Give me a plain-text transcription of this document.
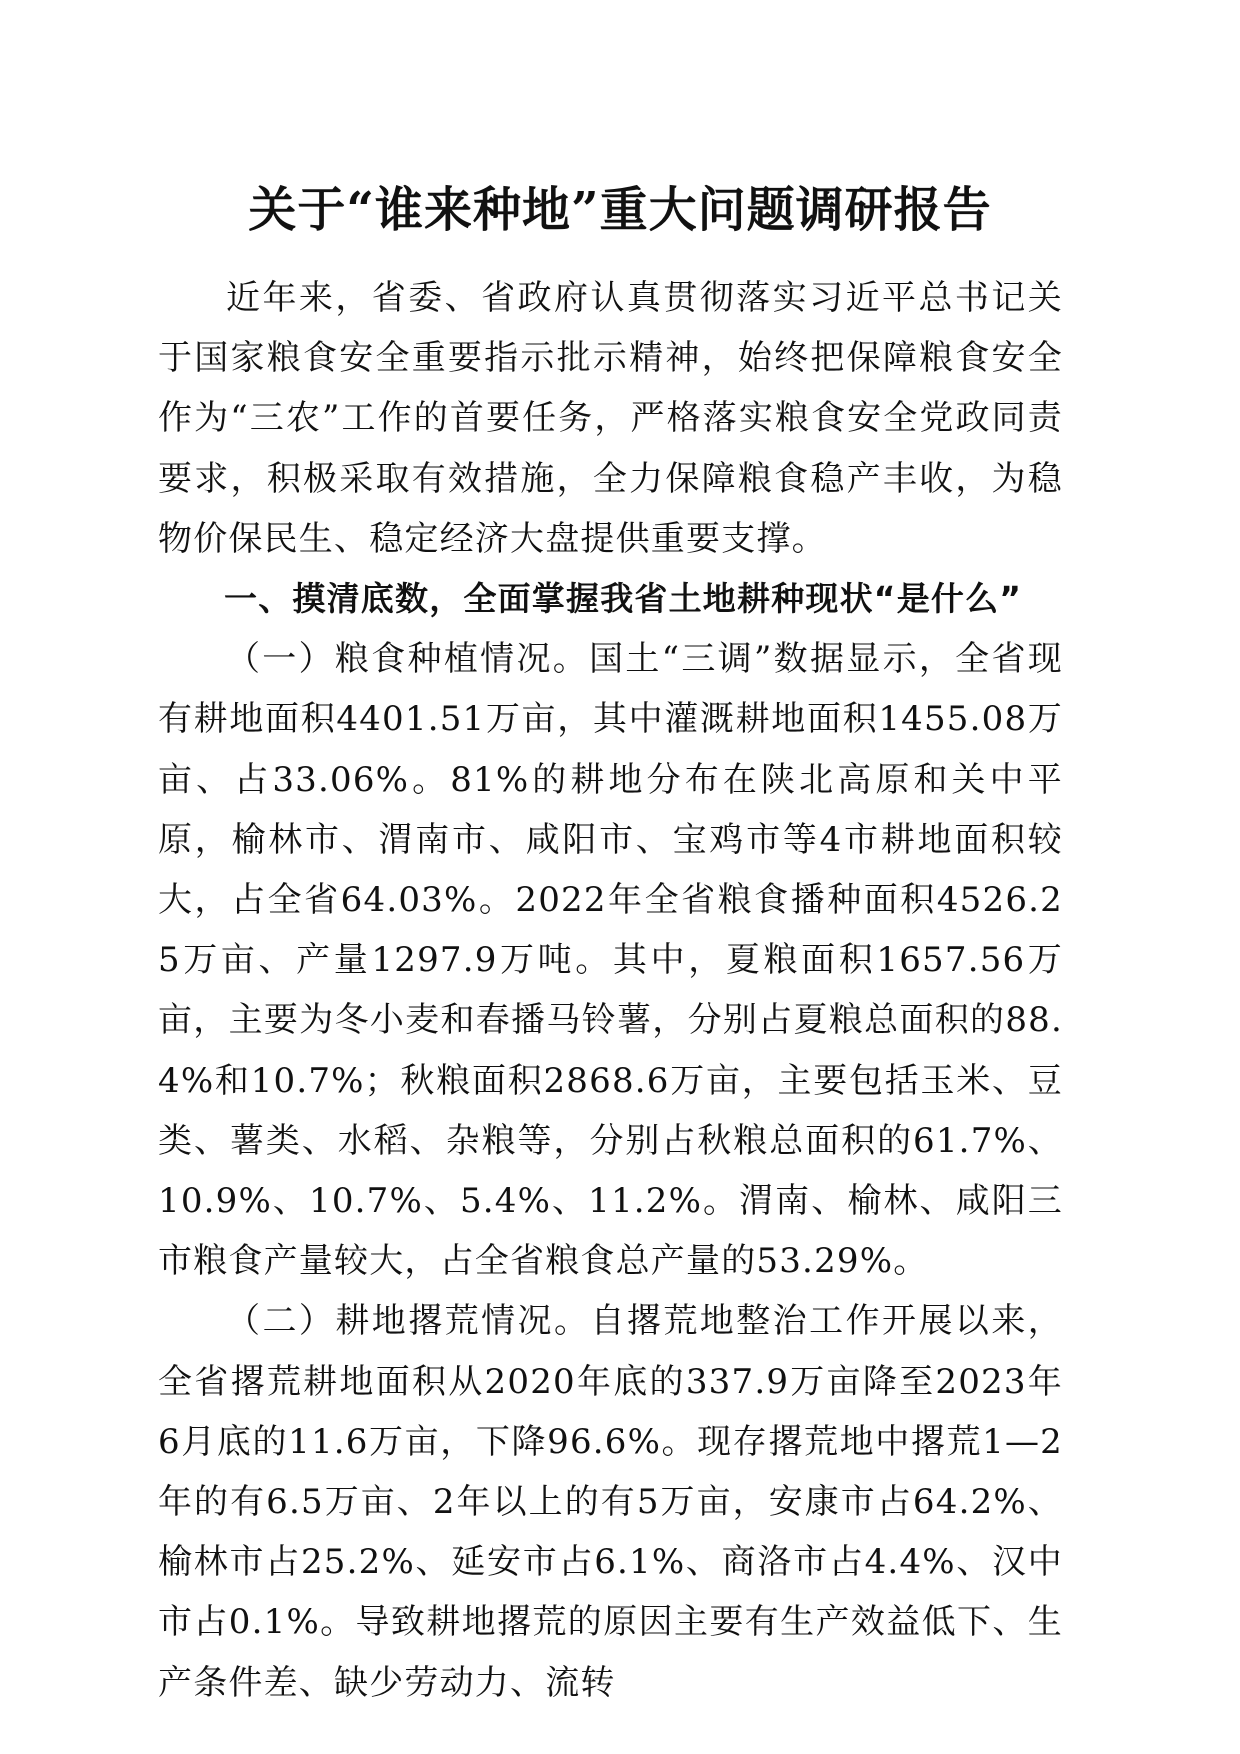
关于“谁来种地”重大问题调研报告

近年来，省委、省政府认真贯彻落实习近平总书记关于国家粮食安全重要指示批示精神，始终把保障粮食安全作为“三农”工作的首要任务，严格落实粮食安全党政同责要求，积极采取有效措施，全力保障粮食稳产丰收，为稳物价保民生、稳定经济大盘提供重要支撑。

一、摸清底数，全面掌握我省土地耕种现状“是什么”

（一）粮食种植情况。国土“三调”数据显示，全省现有耕地面积4401.51万亩，其中灌溉耕地面积1455.08万亩、占33.06%。81%的耕地分布在陕北高原和关中平原，榆林市、渭南市、咸阳市、宝鸡市等4市耕地面积较大，占全省64.03%。2022年全省粮食播种面积4526.25万亩、产量1297.9万吨。其中，夏粮面积1657.56万亩，主要为冬小麦和春播马铃薯，分别占夏粮总面积的88.4%和10.7%；秋粮面积2868.6万亩，主要包括玉米、豆类、薯类、水稻、杂粮等，分别占秋粮总面积的61.7%、10.9%、10.7%、5.4%、11.2%。渭南、榆林、咸阳三市粮食产量较大，占全省粮食总产量的53.29%。

（二）耕地撂荒情况。自撂荒地整治工作开展以来，全省撂荒耕地面积从2020年底的337.9万亩降至2023年6月底的11.6万亩，下降96.6%。现存撂荒地中撂荒1—2年的有6.5万亩、2年以上的有5万亩，安康市占64.2%、榆林市占25.2%、延安市占6.1%、商洛市占4.4%、汉中市占0.1%。导致耕地撂荒的原因主要有生产效益低下、生产条件差、缺少劳动力、流转
